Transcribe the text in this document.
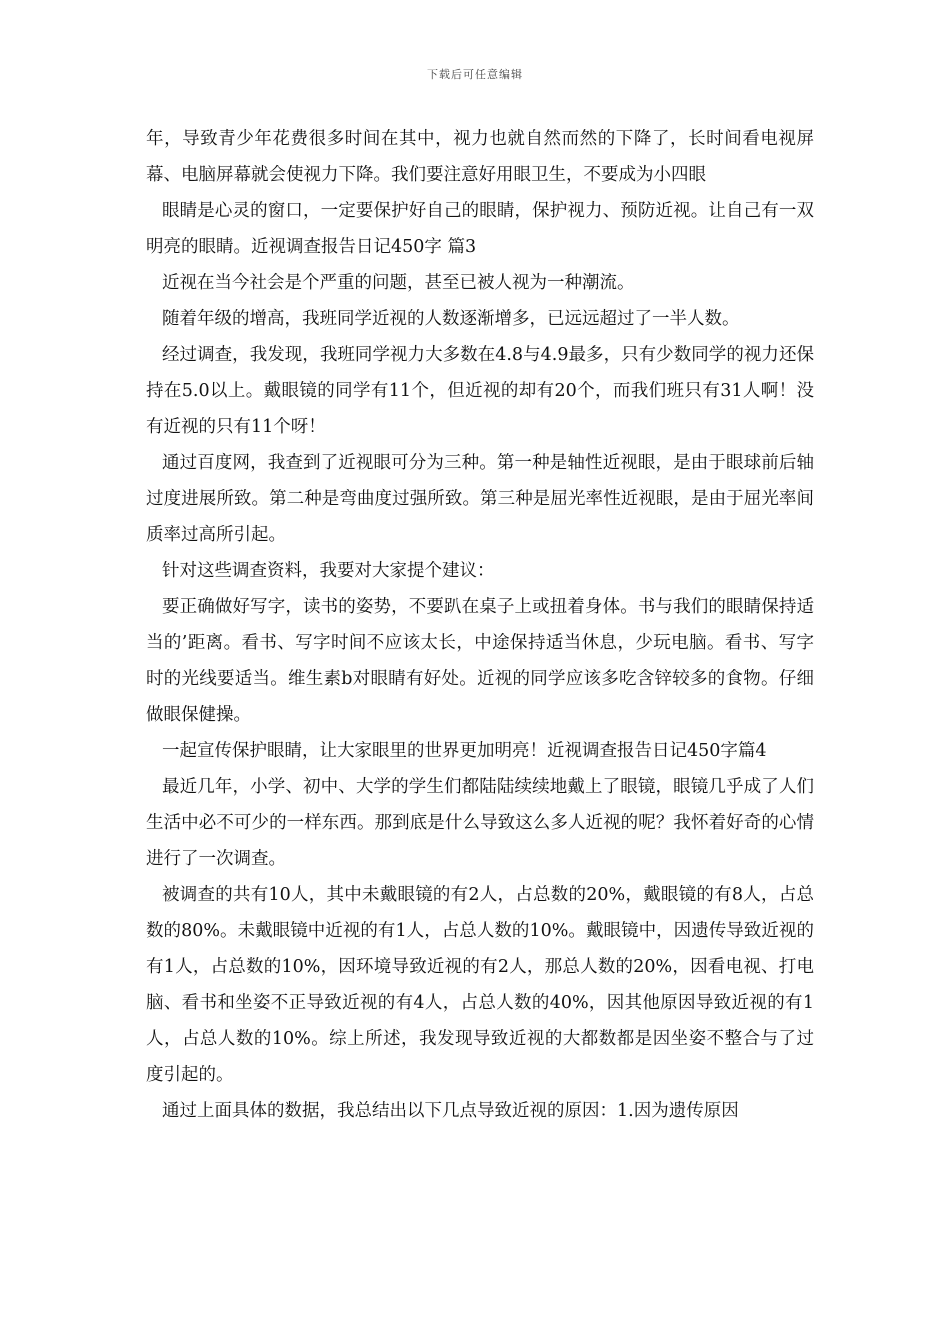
下载后可任意编辑

年，导致青少年花费很多时间在其中，视力也就自然而然的下降了，长时间看电视屏幕、电脑屏幕就会使视力下降。我们要注意好用眼卫生，不要成为小四眼

眼睛是心灵的窗口，一定要保护好自己的眼睛，保护视力、预防近视。让自己有一双明亮的眼睛。近视调查报告日记450字 篇3

近视在当今社会是个严重的问题，甚至已被人视为一种潮流。

随着年级的增高，我班同学近视的人数逐渐增多，已远远超过了一半人数。

经过调查，我发现，我班同学视力大多数在4.8与4.9最多，只有少数同学的视力还保持在5.0以上。戴眼镜的同学有11个，但近视的却有20个，而我们班只有31人啊！没有近视的只有11个呀！

通过百度网，我查到了近视眼可分为三种。第一种是轴性近视眼，是由于眼球前后轴过度进展所致。第二种是弯曲度过强所致。第三种是屈光率性近视眼，是由于屈光率间质率过高所引起。

针对这些调查资料，我要对大家提个建议：

要正确做好写字，读书的姿势，不要趴在桌子上或扭着身体。书与我们的眼睛保持适当的’距离。看书、写字时间不应该太长，中途保持适当休息，少玩电脑。看书、写字时的光线要适当。维生素b对眼睛有好处。近视的同学应该多吃含锌较多的食物。仔细做眼保健操。

一起宣传保护眼睛，让大家眼里的世界更加明亮！近视调查报告日记450字篇4

最近几年，小学、初中、大学的学生们都陆陆续续地戴上了眼镜，眼镜几乎成了人们生活中必不可少的一样东西。那到底是什么导致这么多人近视的呢？我怀着好奇的心情进行了一次调查。

被调查的共有10人，其中未戴眼镜的有2人，占总数的20%，戴眼镜的有8人，占总数的80%。未戴眼镜中近视的有1人，占总人数的10%。戴眼镜中，因遗传导致近视的有1人，占总数的10%，因环境导致近视的有2人，那总人数的20%，因看电视、打电脑、看书和坐姿不正导致近视的有4人，占总人数的40%，因其他原因导致近视的有1人，占总人数的10%。综上所述，我发现导致近视的大都数都是因坐姿不整合与了过度引起的。

通过上面具体的数据，我总结出以下几点导致近视的原因：1.因为遗传原因
